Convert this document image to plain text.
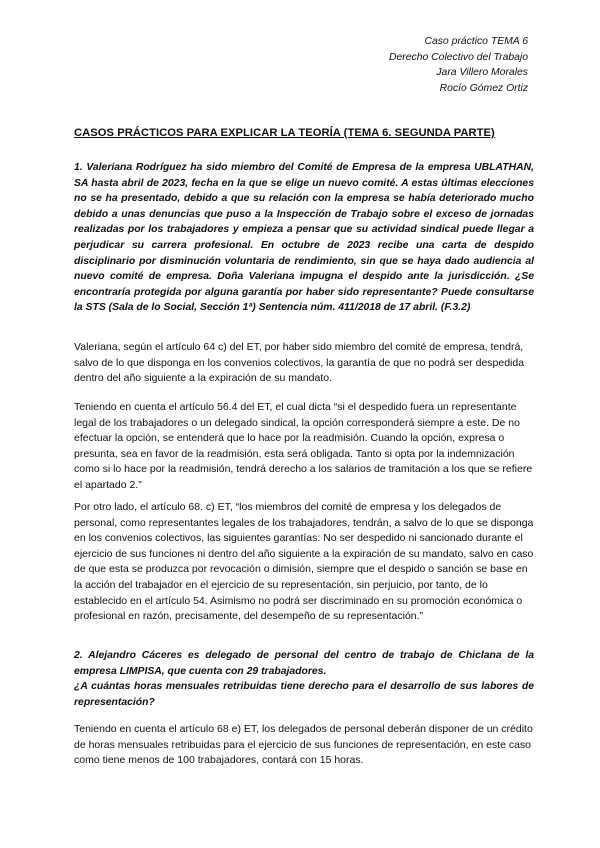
Caso práctico TEMA 6
Derecho Colectivo del Trabajo
Jara Villero Morales
Rocío Gómez Ortiz
CASOS PRÁCTICOS PARA EXPLICAR LA TEORÍA (TEMA 6. SEGUNDA PARTE)
1. Valeriana Rodríguez ha sido miembro del Comité de Empresa de la empresa UBLATHAN, SA hasta abril de 2023, fecha en la que se elige un nuevo comité. A estas últimas elecciones no se ha presentado, debido a que su relación con la empresa se había deteriorado mucho debido a unas denuncias que puso a la Inspección de Trabajo sobre el exceso de jornadas realizadas por los trabajadores y empieza a pensar que su actividad sindical puede llegar a perjudicar su carrera profesional. En octubre de 2023 recibe una carta de despido disciplinario por disminución voluntaria de rendimiento, sin que se haya dado audiencia al nuevo comité de empresa. Doña Valeriana impugna el despido ante la jurisdicción. ¿Se encontraría protegida por alguna garantía por haber sido representante? Puede consultarse la STS (Sala de lo Social, Sección 1ª) Sentencia núm. 411/2018 de 17 abril. (F.3.2)
Valeriana, según el artículo 64 c) del ET, por haber sido miembro del comité de empresa, tendrá, salvo de lo que disponga en los convenios colectivos, la garantía de que no podrá ser despedida dentro del año siguiente a la expiración de su mandato.
Teniendo en cuenta el artículo 56.4 del ET, el cual dicta “si el despedido fuera un representante legal de los trabajadores o un delegado sindical, la opción corresponderá siempre a este. De no efectuar la opción, se entenderá que lo hace por la readmisión. Cuando la opción, expresa o presunta, sea en favor de la readmisión, esta será obligada. Tanto si opta por la indemnización como si lo hace por la readmisión, tendrá derecho a los salarios de tramitación a los que se refiere el apartado 2.”
Por otro lado, el artículo 68. c) ET, “los miembros del comité de empresa y los delegados de personal, como representantes legales de los trabajadores, tendrán, a salvo de lo que se disponga en los convenios colectivos, las siguientes garantías: No ser despedido ni sancionado durante el ejercicio de sus funciones ni dentro del año siguiente a la expiración de su mandato, salvo en caso de que esta se produzca por revocación o dimisión, siempre que el despido o sanción se base en la acción del trabajador en el ejercicio de su representación, sin perjuicio, por tanto, de lo establecido en el artículo 54. Asimismo no podrá ser discriminado en su promoción económica o profesional en razón, precisamente, del desempeño de su representación.”
2. Alejandro Cáceres es delegado de personal del centro de trabajo de Chiclana de la empresa LIMPISA, que cuenta con 29 trabajadores.
¿A cuántas horas mensuales retribuidas tiene derecho para el desarrollo de sus labores de representación?
Teniendo en cuenta el artículo 68 e) ET, los delegados de personal deberán disponer de un crédito de horas mensuales retribuidas para el ejercicio de sus funciones de representación, en este caso como tiene menos de 100 trabajadores, contará con 15 horas.
